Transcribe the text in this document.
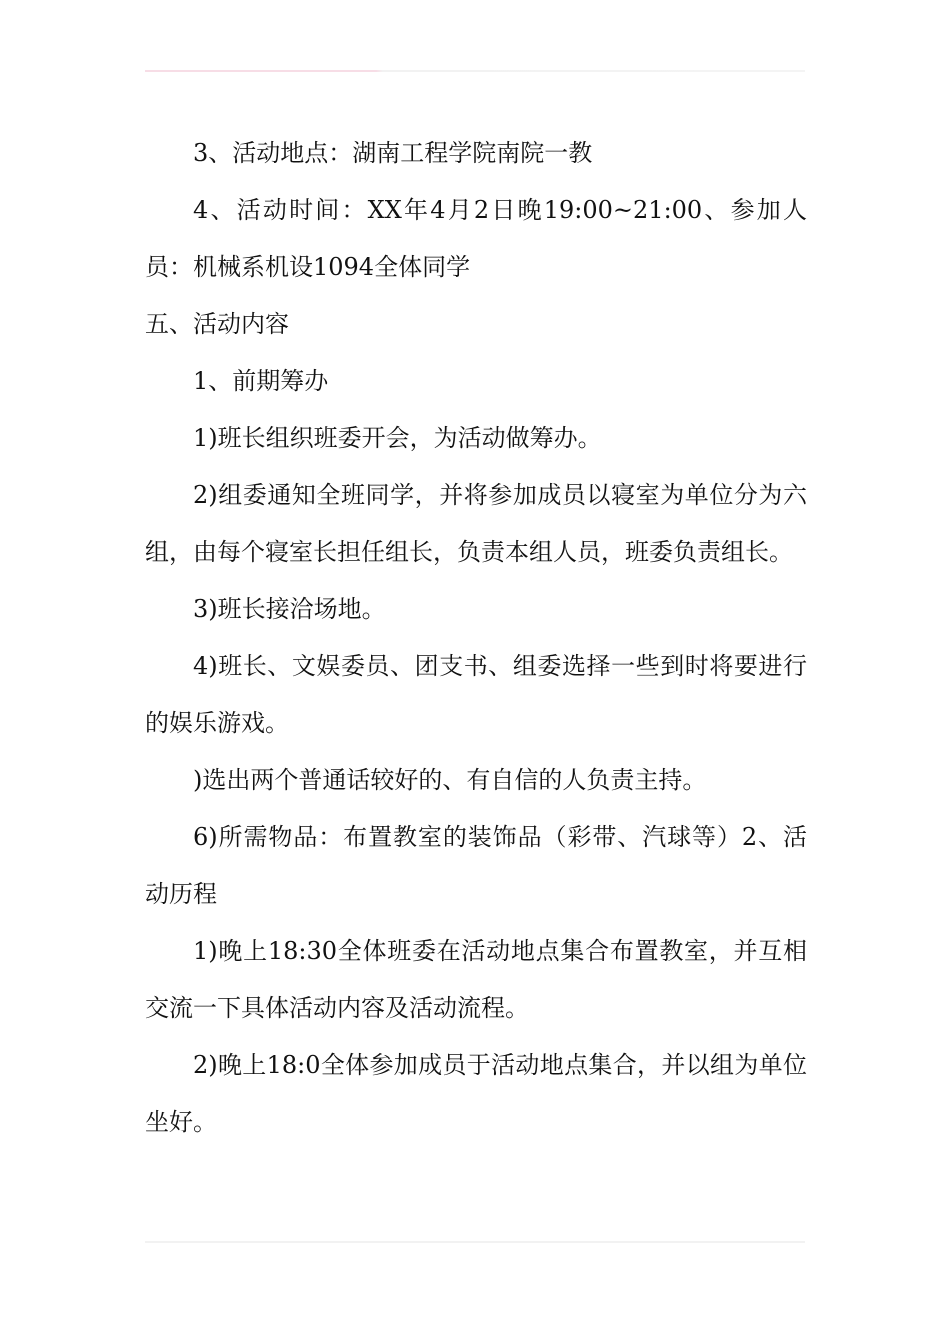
3、活动地点：湖南工程学院南院一教

4、活动时间：XX年4月2日晚19:00~21:00、参加人员：机械系机设1094全体同学

五、活动内容

1、前期筹办

1)班长组织班委开会，为活动做筹办。

2)组委通知全班同学，并将参加成员以寝室为单位分为六组，由每个寝室长担任组长，负责本组人员，班委负责组长。

3)班长接洽场地。

4)班长、文娱委员、团支书、组委选择一些到时将要进行的娱乐游戏。

)选出两个普通话较好的、有自信的人负责主持。

6)所需物品：布置教室的装饰品（彩带、汽球等）2、活动历程

1)晚上18:30全体班委在活动地点集合布置教室，并互相交流一下具体活动内容及活动流程。

2)晚上18:0全体参加成员于活动地点集合，并以组为单位坐好。
